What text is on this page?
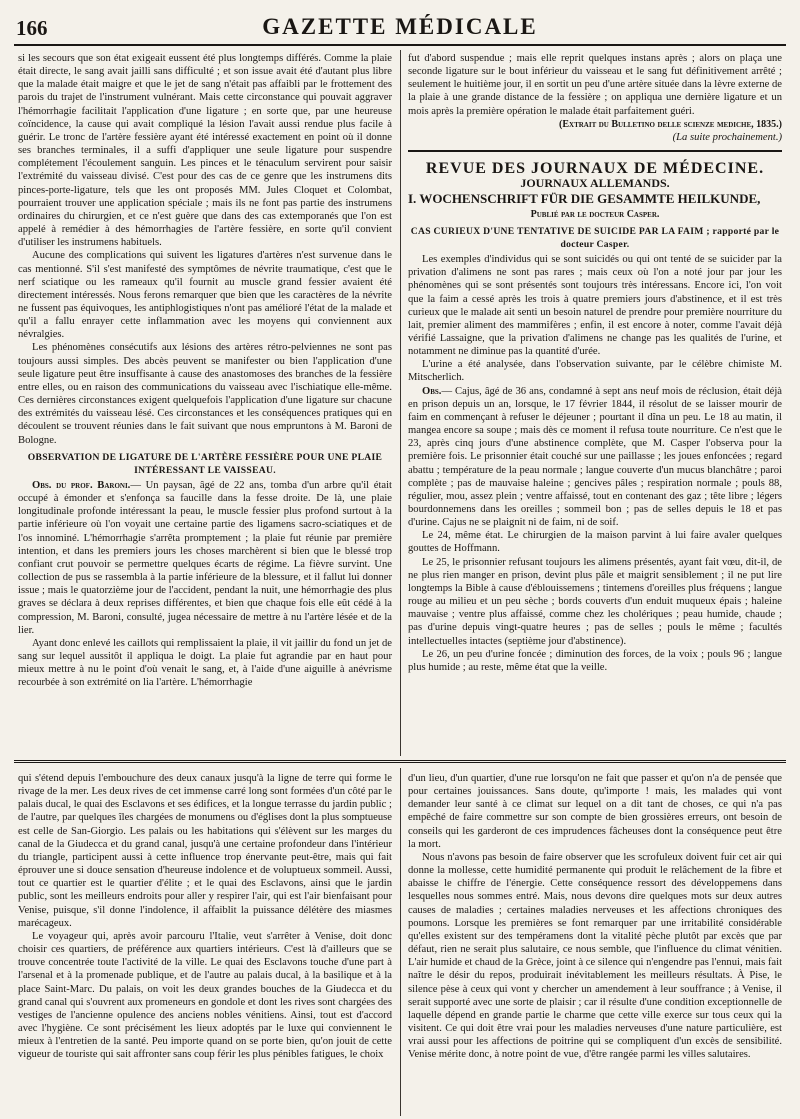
166	GAZETTE MÉDICALE

si les secours que son état exigeait eussent été plus longtemps différés. Comme la plaie était directe, le sang avait jailli sans difficulté ; et son issue avait été d'autant plus libre que la malade était maigre et que le jet de sang n'était pas affaibli par le frottement des parois du trajet de l'instrument vulnérant. Mais cette circonstance qui pouvait aggraver l'hémorrhagie facilitait l'application d'une ligature ; en sorte que, par une heureuse coïncidence, la cause qui avait compliqué la lésion l'avait aussi rendue plus facile à guérir. Le tronc de l'artère fessière ayant été intéressé exactement en point où il donne ses branches terminales, il a suffi d'appliquer une seule ligature pour suspendre complétement l'écoulement sanguin. Les pinces et le ténaculum servirent pour saisir l'extrémité du vaisseau divisé. C'est pour des cas de ce genre que les instrumens dits pinces-porte-ligature, tels que les ont proposés MM. Jules Cloquet et Colombat, pourraient trouver une application spéciale ; mais ils ne font pas partie des instrumens ordinaires du chirurgien, et ce n'est guère que dans des cas extemporanés que l'on est appelé à remédier à des hémorrhagies de l'artère fessière, en sorte qu'il convient d'utiliser les instrumens habituels.

Aucune des complications qui suivent les ligatures d'artères n'est survenue dans le cas mentionné. S'il s'est manifesté des symptômes de névrite traumatique, c'est que le nerf sciatique ou les rameaux qu'il fournit au muscle grand fessier avaient été directement intéressés. Nous ferons remarquer que bien que les caractères de la névrite ne fussent pas équivoques, les antiphlogistiques n'ont pas amélioré l'état de la malade et qu'il a fallu enrayer cette inflammation avec les moyens qui conviennent aux névralgies.

Les phénomènes consécutifs aux lésions des artères rétro-pelviennes ne sont pas toujours aussi simples. Des abcès peuvent se manifester ou bien l'application d'une seule ligature peut être insuffisante à cause des anastomoses des branches de la fessière entre elles, ou en raison des communications du vaisseau avec l'ischiatique elle-même. Ces dernières circonstances exigent quelquefois l'application d'une ligature sur chacune des extrémités du vaisseau lésé. Ces circonstances et les conséquences pratiques qui en découlent se trouvent réunies dans le fait suivant que nous empruntons à M. Baroni de Bologne.

OBSERVATION DE LIGATURE DE L'ARTÈRE FESSIÈRE POUR UNE PLAIE INTÉRESSANT LE VAISSEAU.

Obs. du prof. Baroni.— Un paysan, âgé de 22 ans, tomba d'un arbre qu'il était occupé à émonder et s'enfonça sa faucille dans la fesse droite. De là, une plaie longitudinale profonde intéressant la peau, le muscle fessier plus profond surtout à la partie inférieure où l'on voyait une certaine partie des ligamens sacro-sciatiques et de l'os innominé. L'hémorrhagie s'arrêta promptement ; la plaie fut réunie par première intention, et dans les premiers jours les choses marchèrent si bien que le blessé trop confiant crut pouvoir se permettre quelques écarts de régime. La fièvre survint. Une collection de pus se rassembla à la partie inférieure de la blessure, et il fallut lui donner issue ; mais le quatorzième jour de l'accident, pendant la nuit, une hémorrhagie des plus graves se déclara à deux reprises différentes, et bien que chaque fois elle eût cédé à la compression, M. Baroni, consulté, jugea nécessaire de mettre à nu l'artère lésée et de la lier.

Ayant donc enlevé les caillots qui remplissaient la plaie, il vit jaillir du fond un jet de sang sur lequel aussitôt il appliqua le doigt. La plaie fut agrandie par en haut pour mieux mettre à nu le point d'où venait le sang, et, à l'aide d'une aiguille à anévrisme recourbée à son extrémité on lia l'artère. L'hémorrhagie

fut d'abord suspendue ; mais elle reprit quelques instans après ; alors on plaça une seconde ligature sur le bout inférieur du vaisseau et le sang fut définitivement arrêté ; seulement le huitième jour, il en sortit un peu d'une artère située dans la lèvre externe de la plaie à une grande distance de la fessière ; on appliqua une dernière ligature et un mois après la première opération le malade était parfaitement guéri.

(Extrait du Bulletino delle scienze mediche, 1835.)

(La suite prochainement.)

REVUE DES JOURNAUX DE MÉDECINE.

JOURNAUX ALLEMANDS.

I. WOCHENSCHRIFT FÜR DIE GESAMMTE HEILKUNDE,

Publié par le docteur Casper.

CAS CURIEUX D'UNE TENTATIVE DE SUICIDE PAR LA FAIM ; rapporté par le docteur Casper.

Les exemples d'individus qui se sont suicidés ou qui ont tenté de se suicider par la privation d'alimens ne sont pas rares ; mais ceux où l'on a noté jour par jour les phénomènes qui se sont présentés sont toujours très intéressans. Encore ici, l'on voit que la faim a cessé après les trois à quatre premiers jours d'abstinence, et il est très curieux que le malade ait senti un besoin naturel de prendre pour première nourriture du lait, premier aliment des mammifères ; enfin, il est encore à noter, comme l'avait déjà vérifié Lassaigne, que la privation d'alimens ne change pas les qualités de l'urine, et notamment ne diminue pas la quantité d'urée.

L'urine a été analysée, dans l'observation suivante, par le célèbre chimiste M. Mitscherlich.

Obs.— Cajus, âgé de 36 ans, condamné à sept ans neuf mois de réclusion, était déjà en prison depuis un an, lorsque, le 17 février 1844, il résolut de se laisser mourir de faim en commençant à refuser le déjeuner ; pourtant il dîna un peu. Le 18 au matin, il mangea encore sa soupe ; mais dès ce moment il refusa toute nourriture. Ce n'est que le 23, après cinq jours d'une abstinence complète, que M. Casper l'observa pour la première fois. Le prisonnier était couché sur une paillasse ; les joues enfoncées ; regard abattu ; température de la peau normale ; langue couverte d'un mucus blanchâtre ; paroi complète ; pas de mauvaise haleine ; gencives pâles ; respiration normale ; pouls 88, régulier, mou, assez plein ; ventre affaissé, tout en contenant des gaz ; tête libre ; légers bourdonnemens dans les oreilles ; sommeil bon ; pas de selles depuis le 18 et pas d'urine. Cajus ne se plaignit ni de faim, ni de soif.

Le 24, même état. Le chirurgien de la maison parvint à lui faire avaler quelques gouttes de Hoffmann.

Le 25, le prisonnier refusant toujours les alimens présentés, ayant fait vœu, dit-il, de ne plus rien manger en prison, devint plus pâle et maigrit sensiblement ; il ne put lire longtemps la Bible à cause d'éblouissemens ; tintemens d'oreilles plus fréquens ; langue rouge au milieu et un peu sèche ; bords couverts d'un enduit muqueux épais ; haleine mauvaise ; ventre plus affaissé, comme chez les cholériques ; peau humide, chaude ; pas d'urine depuis vingt-quatre heures ; pas de selles ; pouls le même ; facultés intellectuelles intactes (septième jour d'abstinence).

Le 26, un peu d'urine foncée ; diminution des forces, de la voix ; pouls 96 ; langue plus humide ; au reste, même état que la veille.

qui s'étend depuis l'embouchure des deux canaux jusqu'à la ligne de terre qui forme le rivage de la mer. Les deux rives de cet immense carré long sont formées d'un côté par le palais ducal, le quai des Esclavons et ses édifices, et la longue terrasse du jardin public ; de l'autre, par quelques îles chargées de monumens ou d'églises dont la plus somptueuse est celle de San-Giorgio. Les palais ou les habitations qui s'élèvent sur les marges du canal de la Giudecca et du grand canal, jusqu'à une certaine profondeur dans l'intérieur du triangle, participent aussi à cette influence trop énervante peut-être, mais qui fait éprouver une si douce sensation d'heureuse indolence et de voluptueux sommeil. Aussi, tout ce quartier est le quartier d'élite ; et le quai des Esclavons, ainsi que le jardin public, sont les meilleurs endroits pour aller y respirer l'air, qui est l'air bienfaisant pour Venise, puisque, s'il donne l'indolence, il affaiblit la puissance délétère des miasmes marécageux.

Le voyageur qui, après avoir parcouru l'Italie, veut s'arrêter à Venise, doit donc choisir ces quartiers, de préférence aux quartiers intérieurs. C'est là d'ailleurs que se trouve concentrée toute l'activité de la ville. Le quai des Esclavons touche d'une part à l'arsenal et à la promenade publique, et de l'autre au palais ducal, à la basilique et à la place Saint-Marc. Du palais, on voit les deux grandes bouches de la Giudecca et du grand canal qui s'ouvrent aux promeneurs en gondole et dont les rives sont chargées des vestiges de l'ancienne opulence des anciens nobles vénitiens. Ainsi, tout est d'accord avec l'hygiène. Ce sont précisément les lieux adoptés par le luxe qui conviennent le mieux à l'entretien de la santé. Peu importe quand on se porte bien, qu'on jouit de cette vigueur de touriste qui sait affronter sans coup férir les plus pénibles fatigues, le choix

d'un lieu, d'un quartier, d'une rue lorsqu'on ne fait que passer et qu'on n'a de pensée que pour certaines jouissances. Sans doute, qu'importe ! mais, les malades qui vont demander leur santé à ce climat sur lequel on a dit tant de choses, ce qui n'a pas empêché de faire commettre sur son compte de bien grossières erreurs, ont besoin de conseils qui les garderont de ces imprudences fâcheuses dont la conséquence peut être la mort.

Nous n'avons pas besoin de faire observer que les scrofuleux doivent fuir cet air qui donne la mollesse, cette humidité permanente qui produit le relâchement de la fibre et abaisse le chiffre de l'énergie. Cette conséquence ressort des développemens dans lesquelles nous sommes entré. Mais, nous devons dire quelques mots sur deux autres causes de maladies ; certaines maladies nerveuses et les affections chroniques des poumons. Lorsque les premières se font remarquer par une irritabilité considérable qu'elles existent sur des tempéramens dont la vitalité pèche plutôt par excès que par défaut, rien ne serait plus salutaire, ce nous semble, que l'influence du climat vénitien. L'air humide et chaud de la Grèce, joint à ce silence qui n'engendre pas l'ennui, mais fait naître le désir du repos, produirait inévitablement les meilleurs résultats. À Pise, le silence pèse à ceux qui vont y chercher un amendement à leur souffrance ; à Venise, il serait supporté avec une sorte de plaisir ; car il résulte d'une condition exceptionnelle de laquelle dépend en grande partie le charme que cette ville exerce sur tous ceux qui la visitent. Ce qui doit être vrai pour les maladies nerveuses d'une nature particulière, est vrai aussi pour les affections de poitrine qui se compliquent d'un excès de sensibilité. Venise mérite donc, à notre point de vue, d'être rangée parmi les villes salutaires.
